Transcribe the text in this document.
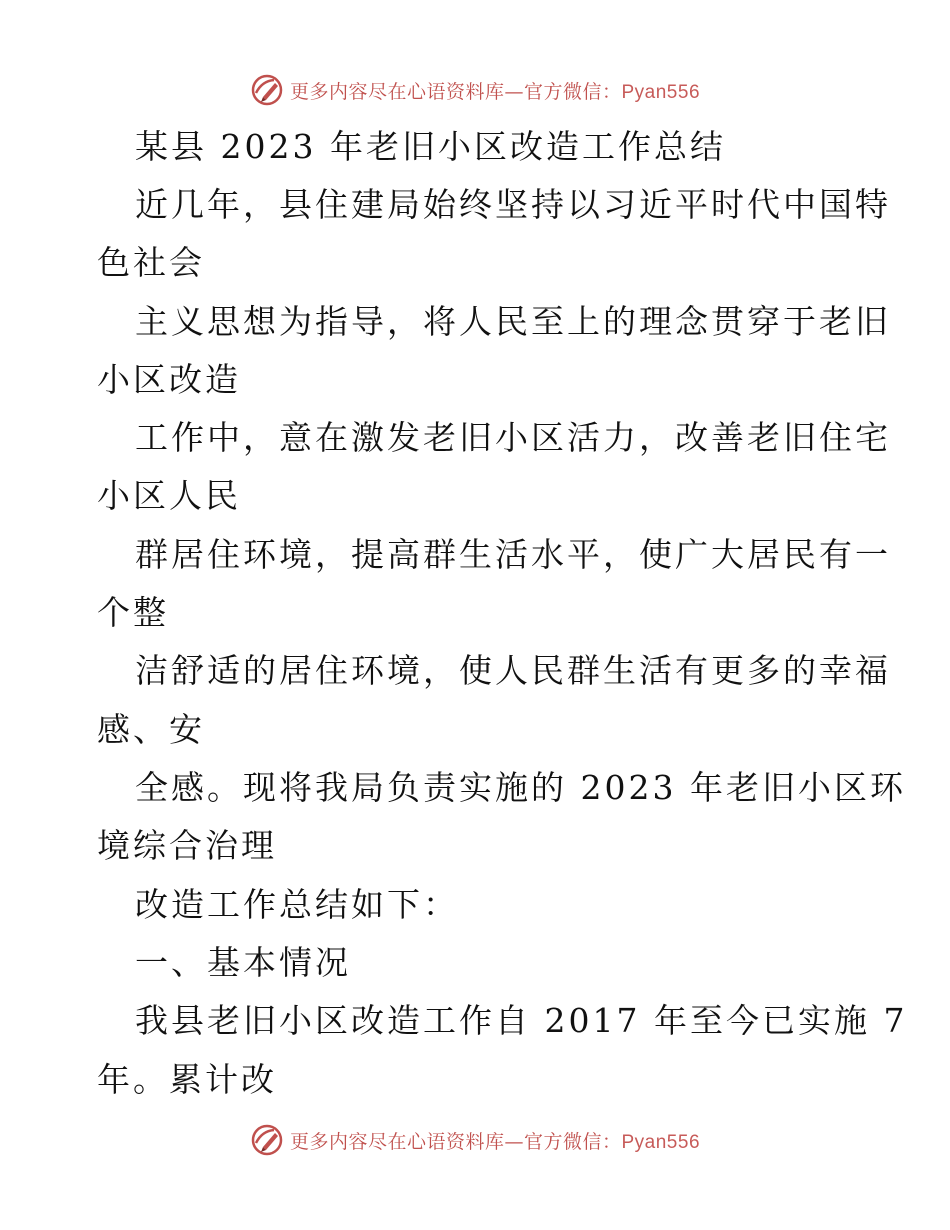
更多内容尽在心语资料库—官方微信：Pyan556
某县 2023 年老旧小区改造工作总结
近几年，县住建局始终坚持以习近平时代中国特
色社会
主义思想为指导，将人民至上的理念贯穿于老旧
小区改造
工作中，意在激发老旧小区活力，改善老旧住宅
小区人民
群居住环境，提高群生活水平，使广大居民有一
个整
洁舒适的居住环境，使人民群生活有更多的幸福
感、安
全感。现将我局负责实施的 2023 年老旧小区环
境综合治理
改造工作总结如下：
一、基本情况
我县老旧小区改造工作自 2017 年至今已实施 7
年。累计改
更多内容尽在心语资料库—官方微信：Pyan556
